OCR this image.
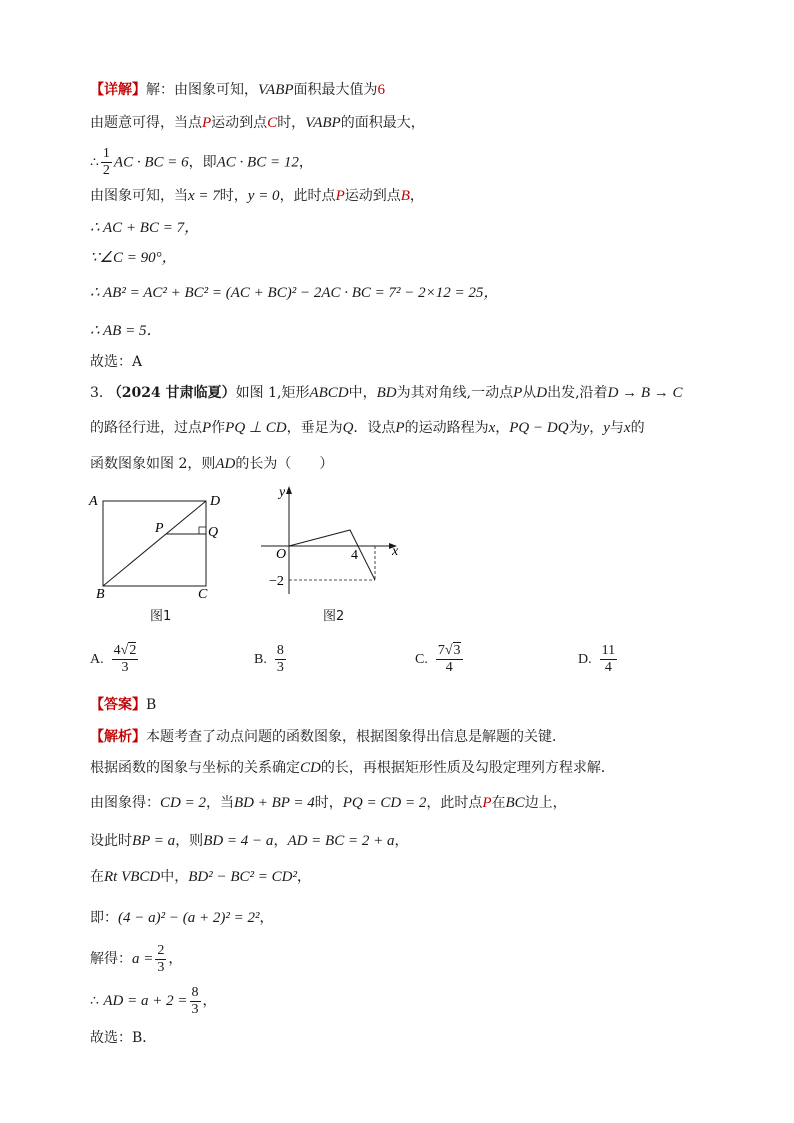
【详解】解：由图象可知，VABP面积最大值为6
由题意可得，当点P运动到点C时，VABP的面积最大，
∴ $\frac{1}{2}$ AC · BC = 6，即AC · BC = 12，
由图象可知，当x = 7时，y = 0，此时点P运动到点B，
∴ AC + BC = 7，
∵∠C = 90°，
∴ AB² = AC² + BC² = (AC + BC)² − 2AC · BC = 7² − 2×12 = 25，
∴ AB = 5．
故选：A
3. （2024 甘肃临夏）如图 1,矩形ABCD中，BD为其对角线,一动点P从D出发,沿着D → B → C
的路径行进，过点P作PQ ⊥ CD，垂足为Q．设点P的运动路程为x，PQ − DQ为y，y与x的
函数图象如图 2，则AD的长为（　　）
A	D
B	C
P	Q
图1
y
x
O	4
−2
图2
A. $\frac{4√2}{3}$	B. $\frac{8}{3}$	C. $\frac{7√3}{4}$	D. $\frac{11}{4}$
【答案】B
【解析】本题考查了动点问题的函数图象，根据图象得出信息是解题的关键．
根据函数的图象与坐标的关系确定CD的长，再根据矩形性质及勾股定理列方程求解．
由图象得：CD = 2，当BD + BP = 4时，PQ = CD = 2，此时点P在BC边上，
设此时BP = a，则BD = 4 − a，AD = BC = 2 + a，
在Rt VBCD中，BD² − BC² = CD²，
即：(4 − a)² − (a + 2)² = 2²，
解得：$a = \frac{2}{3}$ ，
∴ AD = $a + 2 = \frac{8}{3}$ ，
故选：B．
